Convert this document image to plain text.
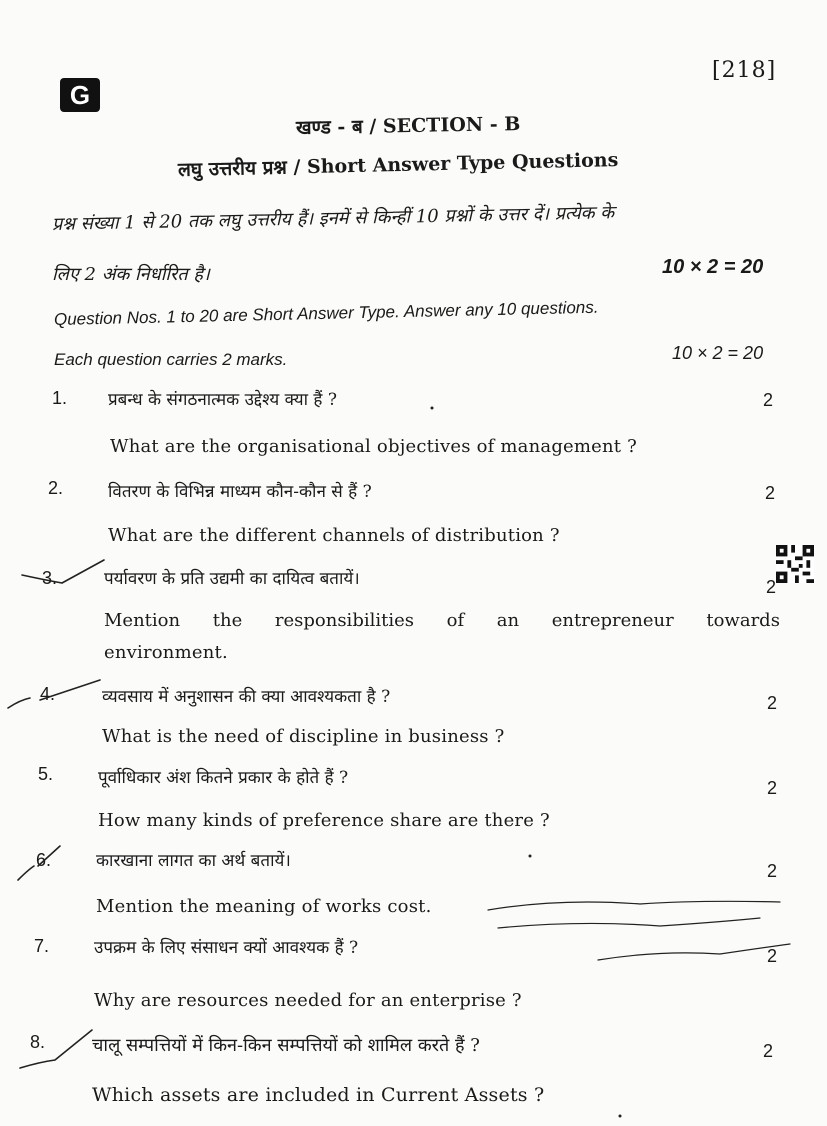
G
[218]
खण्ड - ब / SECTION - B
लघु उत्तरीय प्रश्न / Short Answer Type Questions
प्रश्न संख्या 1 से 20 तक लघु उत्तरीय हैं। इनमें से किन्हीं 10 प्रश्नों के उत्तर दें। प्रत्येक के
लिए 2 अंक निर्धारित है।	10 × 2 = 20
Question Nos. 1 to 20 are Short Answer Type. Answer any 10 questions.
Each question carries 2 marks.	10 × 2 = 20
1. प्रबन्ध के संगठनात्मक उद्देश्य क्या हैं ?	2
What are the organisational objectives of management ?
2.	वितरण के विभिन्न माध्यम कौन-कौन से हैं ?	2
What are the different channels of distribution ?
3.	पर्यावरण के प्रति उद्यमी का दायित्व बतायें।	2
Mention the responsibilities of an entrepreneur towards
environment.
4.	व्यवसाय में अनुशासन की क्या आवश्यकता है ?	2
What is the need of discipline in business ?
5.	पूर्वाधिकार अंश कितने प्रकार के होते हैं ?	2
How many kinds of preference share are there ?
6.	कारखाना लागत का अर्थ बतायें।	2
Mention the meaning of works cost.
7.	उपक्रम के लिए संसाधन क्यों आवश्यक हैं ?	2
Why are resources needed for an enterprise ?
8.	चालू सम्पत्तियों में किन-किन सम्पत्तियों को शामिल करते हैं ?	2
Which assets are included in Current Assets ?
